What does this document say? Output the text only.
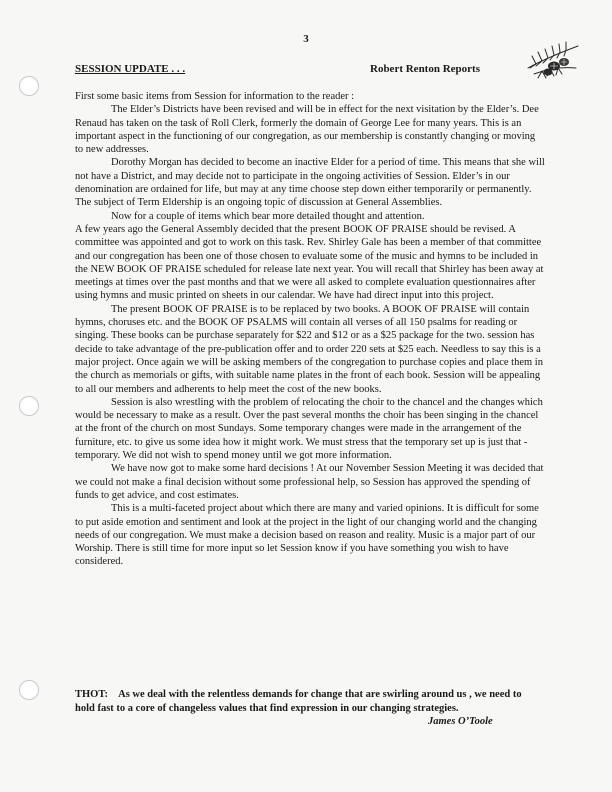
3
SESSION UPDATE . . .	Robert Renton Reports

First some basic items from Session for information to the reader :

The Elder’s Districts have been revised and will be in effect for the next visitation by the Elder’s. Dee Renaud has taken on the task of Roll Clerk, formerly the domain of George Lee for many years. This is an important aspect in the functioning of our congregation, as our membership is constantly changing or moving to new addresses.

Dorothy Morgan has decided to become an inactive Elder for a period of time. This means that she will not have a District, and may decide not to participate in the ongoing activities of Session. Elder’s in our denomination are ordained for life, but may at any time choose step down either temporarily or permanently. The subject of Term Eldership is an ongoing topic of discussion at General Assemblies.

Now for a couple of items which bear more detailed thought and attention.

A few years ago the General Assembly decided that the present BOOK OF PRAISE should be revised. A committee was appointed and got to work on this task. Rev. Shirley Gale has been a member of that committee and our congregation has been one of those chosen to evaluate some of the music and hymns to be included in the NEW BOOK OF PRAISE scheduled for release late next year. You will recall that Shirley has been away at meetings at times over the past months and that we were all asked to complete evaluation questionnaires after using hymns and music printed on sheets in our calendar. We have had direct input into this project.

The present BOOK OF PRAISE is to be replaced by two books. A BOOK OF PRAISE will contain hymns, choruses etc. and the BOOK OF PSALMS will contain all verses of all 150 psalms for reading or singing. These books can be purchase separately for $22 and $12 or as a $25 package for the two. session has decide to take advantage of the pre-publication offer and to order 220 sets at $25 each. Needless to say this is a major project. Once again we will be asking members of the congregation to purchase copies and place them in the church as memorials or gifts, with suitable name plates in the front of each book. Session will be appealing to all our members and adherents to help meet the cost of the new books.

Session is also wrestling with the problem of relocating the choir to the chancel and the changes which would be necessary to make as a result. Over the past several months the choir has been singing in the chancel at the front of the church on most Sundays. Some temporary changes were made in the arrangement of the furniture, etc. to give us some idea how it might work. We must stress that the temporary set up is just that - temporary. We did not wish to spend money until we got more information.

We have now got to make some hard decisions ! At our November Session Meeting it was decided that we could not make a final decision without some professional help, so Session has approved the spending of funds to get advice, and cost estimates.

This is a multi-faceted project about which there are many and varied opinions. It is difficult for some to put aside emotion and sentiment and look at the project in the light of our changing world and the changing needs of our congregation. We must make a decision based on reason and reality. Music is a major part of our Worship. There is still time for more input so let Session know if you have something you wish to have considered.

THOT: As we deal with the relentless demands for change that are swirling around us , we need to hold fast to a core of changeless values that find expression in our changing strategies.
James O’Toole
